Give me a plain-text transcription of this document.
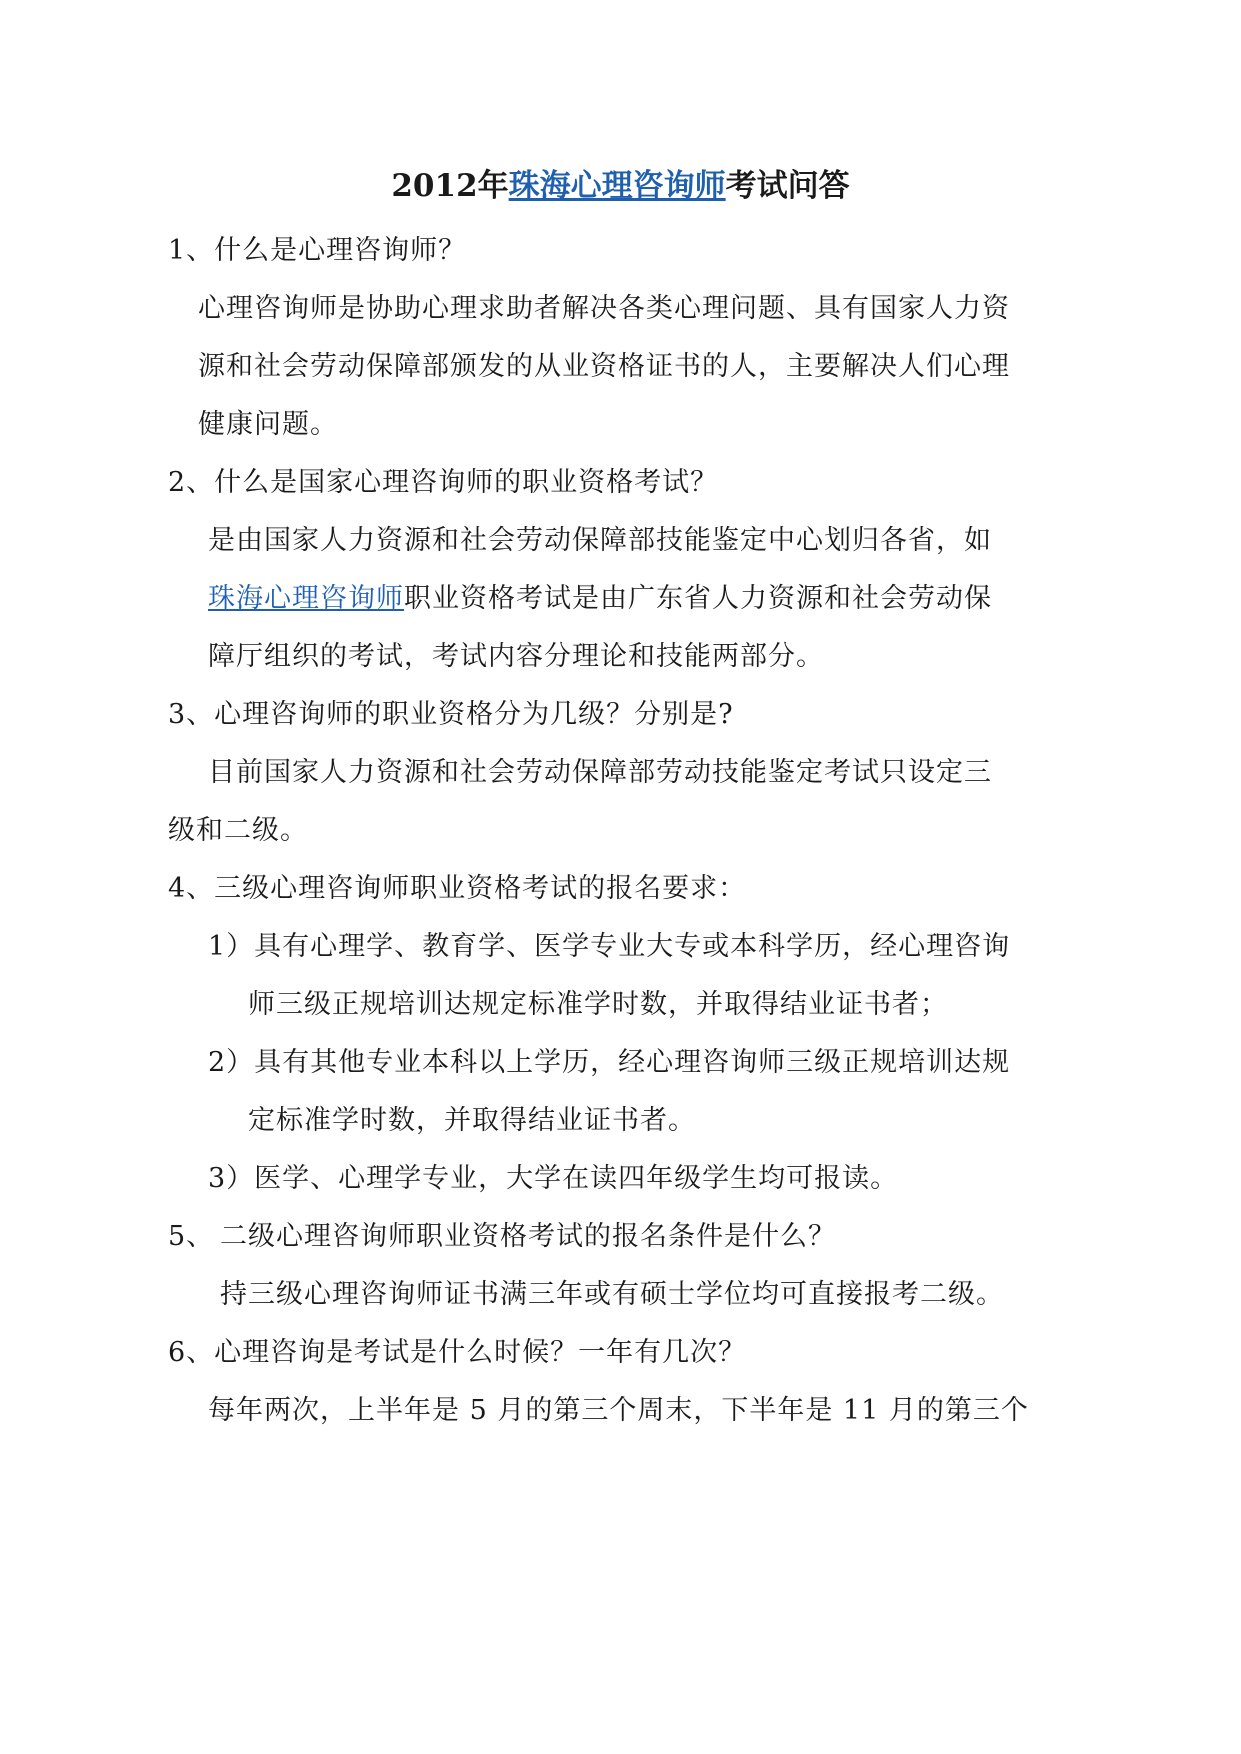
2012年珠海心理咨询师考试问答
1、什么是心理咨询师？
心理咨询师是协助心理求助者解决各类心理问题、具有国家人力资
源和社会劳动保障部颁发的从业资格证书的人，主要解决人们心理
健康问题。
2、什么是国家心理咨询师的职业资格考试？
是由国家人力资源和社会劳动保障部技能鉴定中心划归各省，如
珠海心理咨询师职业资格考试是由广东省人力资源和社会劳动保
障厅组织的考试，考试内容分理论和技能两部分。
3、心理咨询师的职业资格分为几级？分别是?
目前国家人力资源和社会劳动保障部劳动技能鉴定考试只设定三
级和二级。
4、三级心理咨询师职业资格考试的报名要求：
1）具有心理学、教育学、医学专业大专或本科学历，经心理咨询
师三级正规培训达规定标准学时数，并取得结业证书者；
2）具有其他专业本科以上学历，经心理咨询师三级正规培训达规
定标准学时数，并取得结业证书者。
3）医学、心理学专业，大学在读四年级学生均可报读。
5、 二级心理咨询师职业资格考试的报名条件是什么？
持三级心理咨询师证书满三年或有硕士学位均可直接报考二级。
6、心理咨询是考试是什么时候？一年有几次？
每年两次，上半年是 5 月的第三个周末，下半年是 11 月的第三个
